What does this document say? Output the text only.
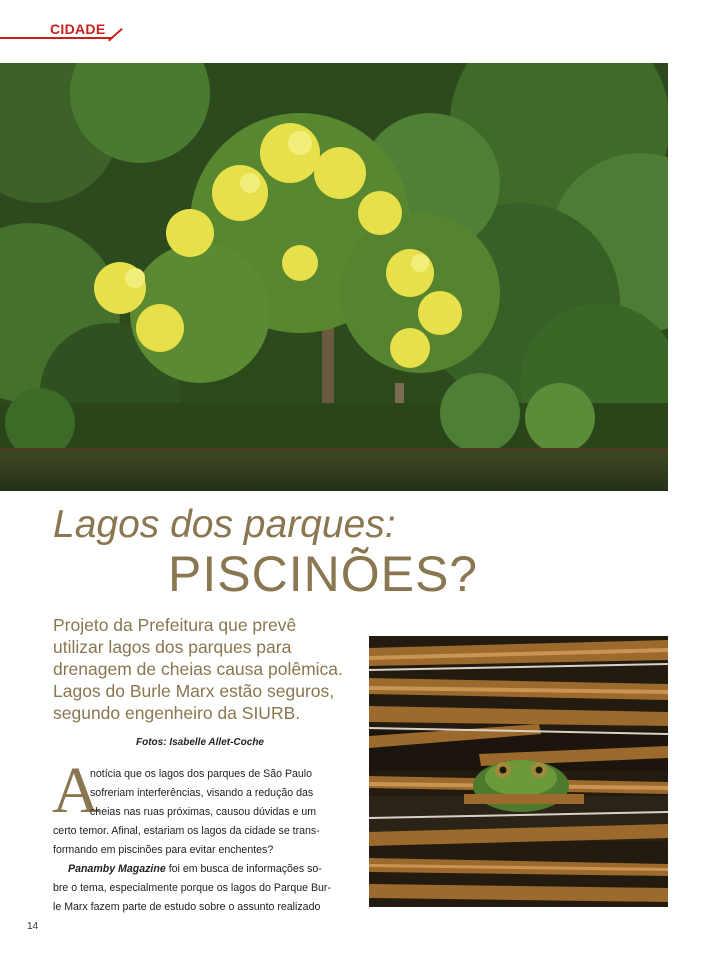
CIDADE
Lagos dos parques:
PISCINÕES?
Projeto da Prefeitura que prevê
utilizar lagos dos parques para
drenagem de cheias causa polêmica.
Lagos do Burle Marx estão seguros,
segundo engenheiro da SIURB.
Fotos: Isabelle Allet-Coche
A
notícia que os lagos dos parques de São Paulo
sofreriam interferências, visando a redução das
cheias nas ruas próximas, causou dúvidas e um
certo temor. Afinal, estariam os lagos da cidade se trans-
formando em piscinões para evitar enchentes?
Panamby Magazine foi em busca de informações so-
bre o tema, especialmente porque os lagos do Parque Bur-
le Marx fazem parte de estudo sobre o assunto realizado
14
